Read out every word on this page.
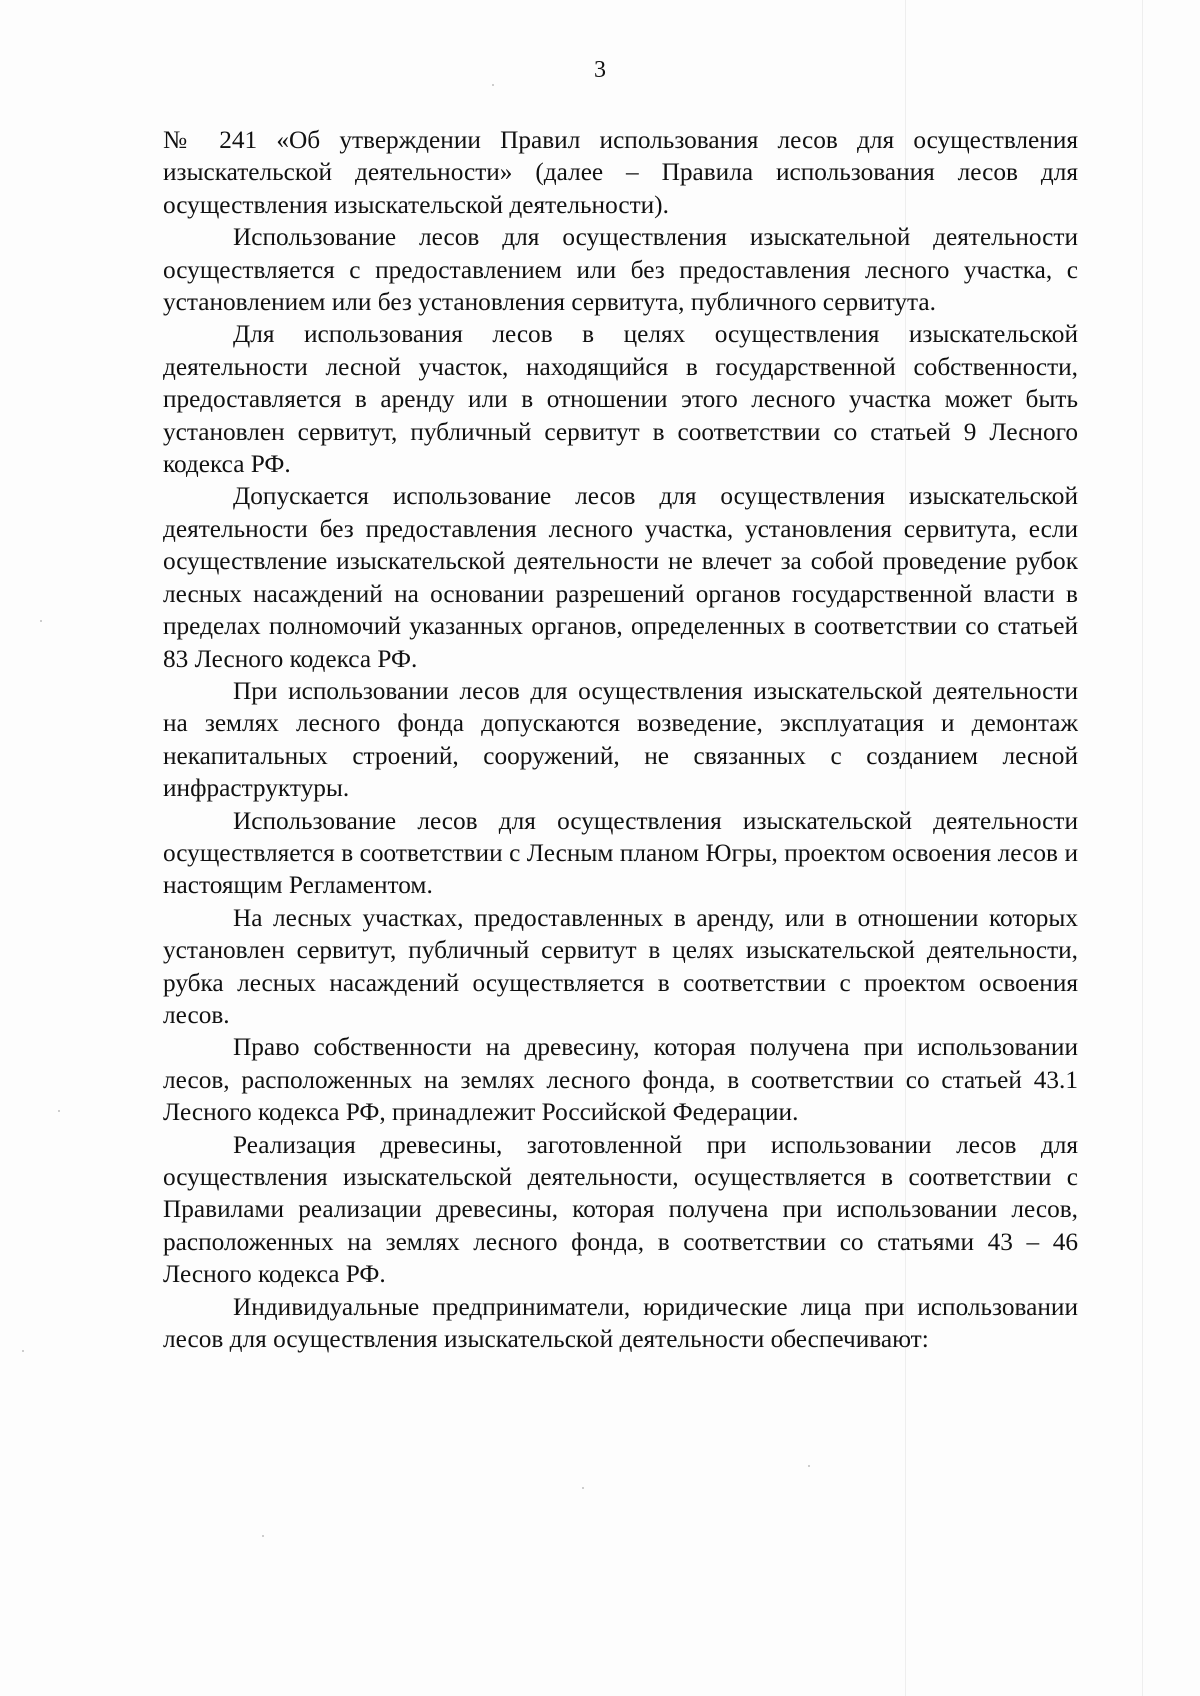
3

№ 241 «Об утверждении Правил использования лесов для осуществления изыскательской деятельности» (далее – Правила использования лесов для осуществления изыскательской деятельности).

Использование лесов для осуществления изыскательной деятельности осуществляется с предоставлением или без предоставления лесного участка, с установлением или без установления сервитута, публичного сервитута.

Для использования лесов в целях осуществления изыскательской деятельности лесной участок, находящийся в государственной собственности, предоставляется в аренду или в отношении этого лесного участка может быть установлен сервитут, публичный сервитут в соответствии со статьей 9 Лесного кодекса РФ.

Допускается использование лесов для осуществления изыскательской деятельности без предоставления лесного участка, установления сервитута, если осуществление изыскательской деятельности не влечет за собой проведение рубок лесных насаждений на основании разрешений органов государственной власти в пределах полномочий указанных органов, определенных в соответствии со статьей 83 Лесного кодекса РФ.

При использовании лесов для осуществления изыскательской деятельности на землях лесного фонда допускаются возведение, эксплуатация и демонтаж некапитальных строений, сооружений, не связанных с созданием лесной инфраструктуры.

Использование лесов для осуществления изыскательской деятельности осуществляется в соответствии с Лесным планом Югры, проектом освоения лесов и настоящим Регламентом.

На лесных участках, предоставленных в аренду, или в отношении которых установлен сервитут, публичный сервитут в целях изыскательской деятельности, рубка лесных насаждений осуществляется в соответствии с проектом освоения лесов.

Право собственности на древесину, которая получена при использовании лесов, расположенных на землях лесного фонда, в соответствии со статьей 43.1 Лесного кодекса РФ, принадлежит Российской Федерации.

Реализация древесины, заготовленной при использовании лесов для осуществления изыскательской деятельности, осуществляется в соответствии с Правилами реализации древесины, которая получена при использовании лесов, расположенных на землях лесного фонда, в соответствии со статьями 43 – 46 Лесного кодекса РФ.

Индивидуальные предприниматели, юридические лица при использовании лесов для осуществления изыскательской деятельности обеспечивают:
